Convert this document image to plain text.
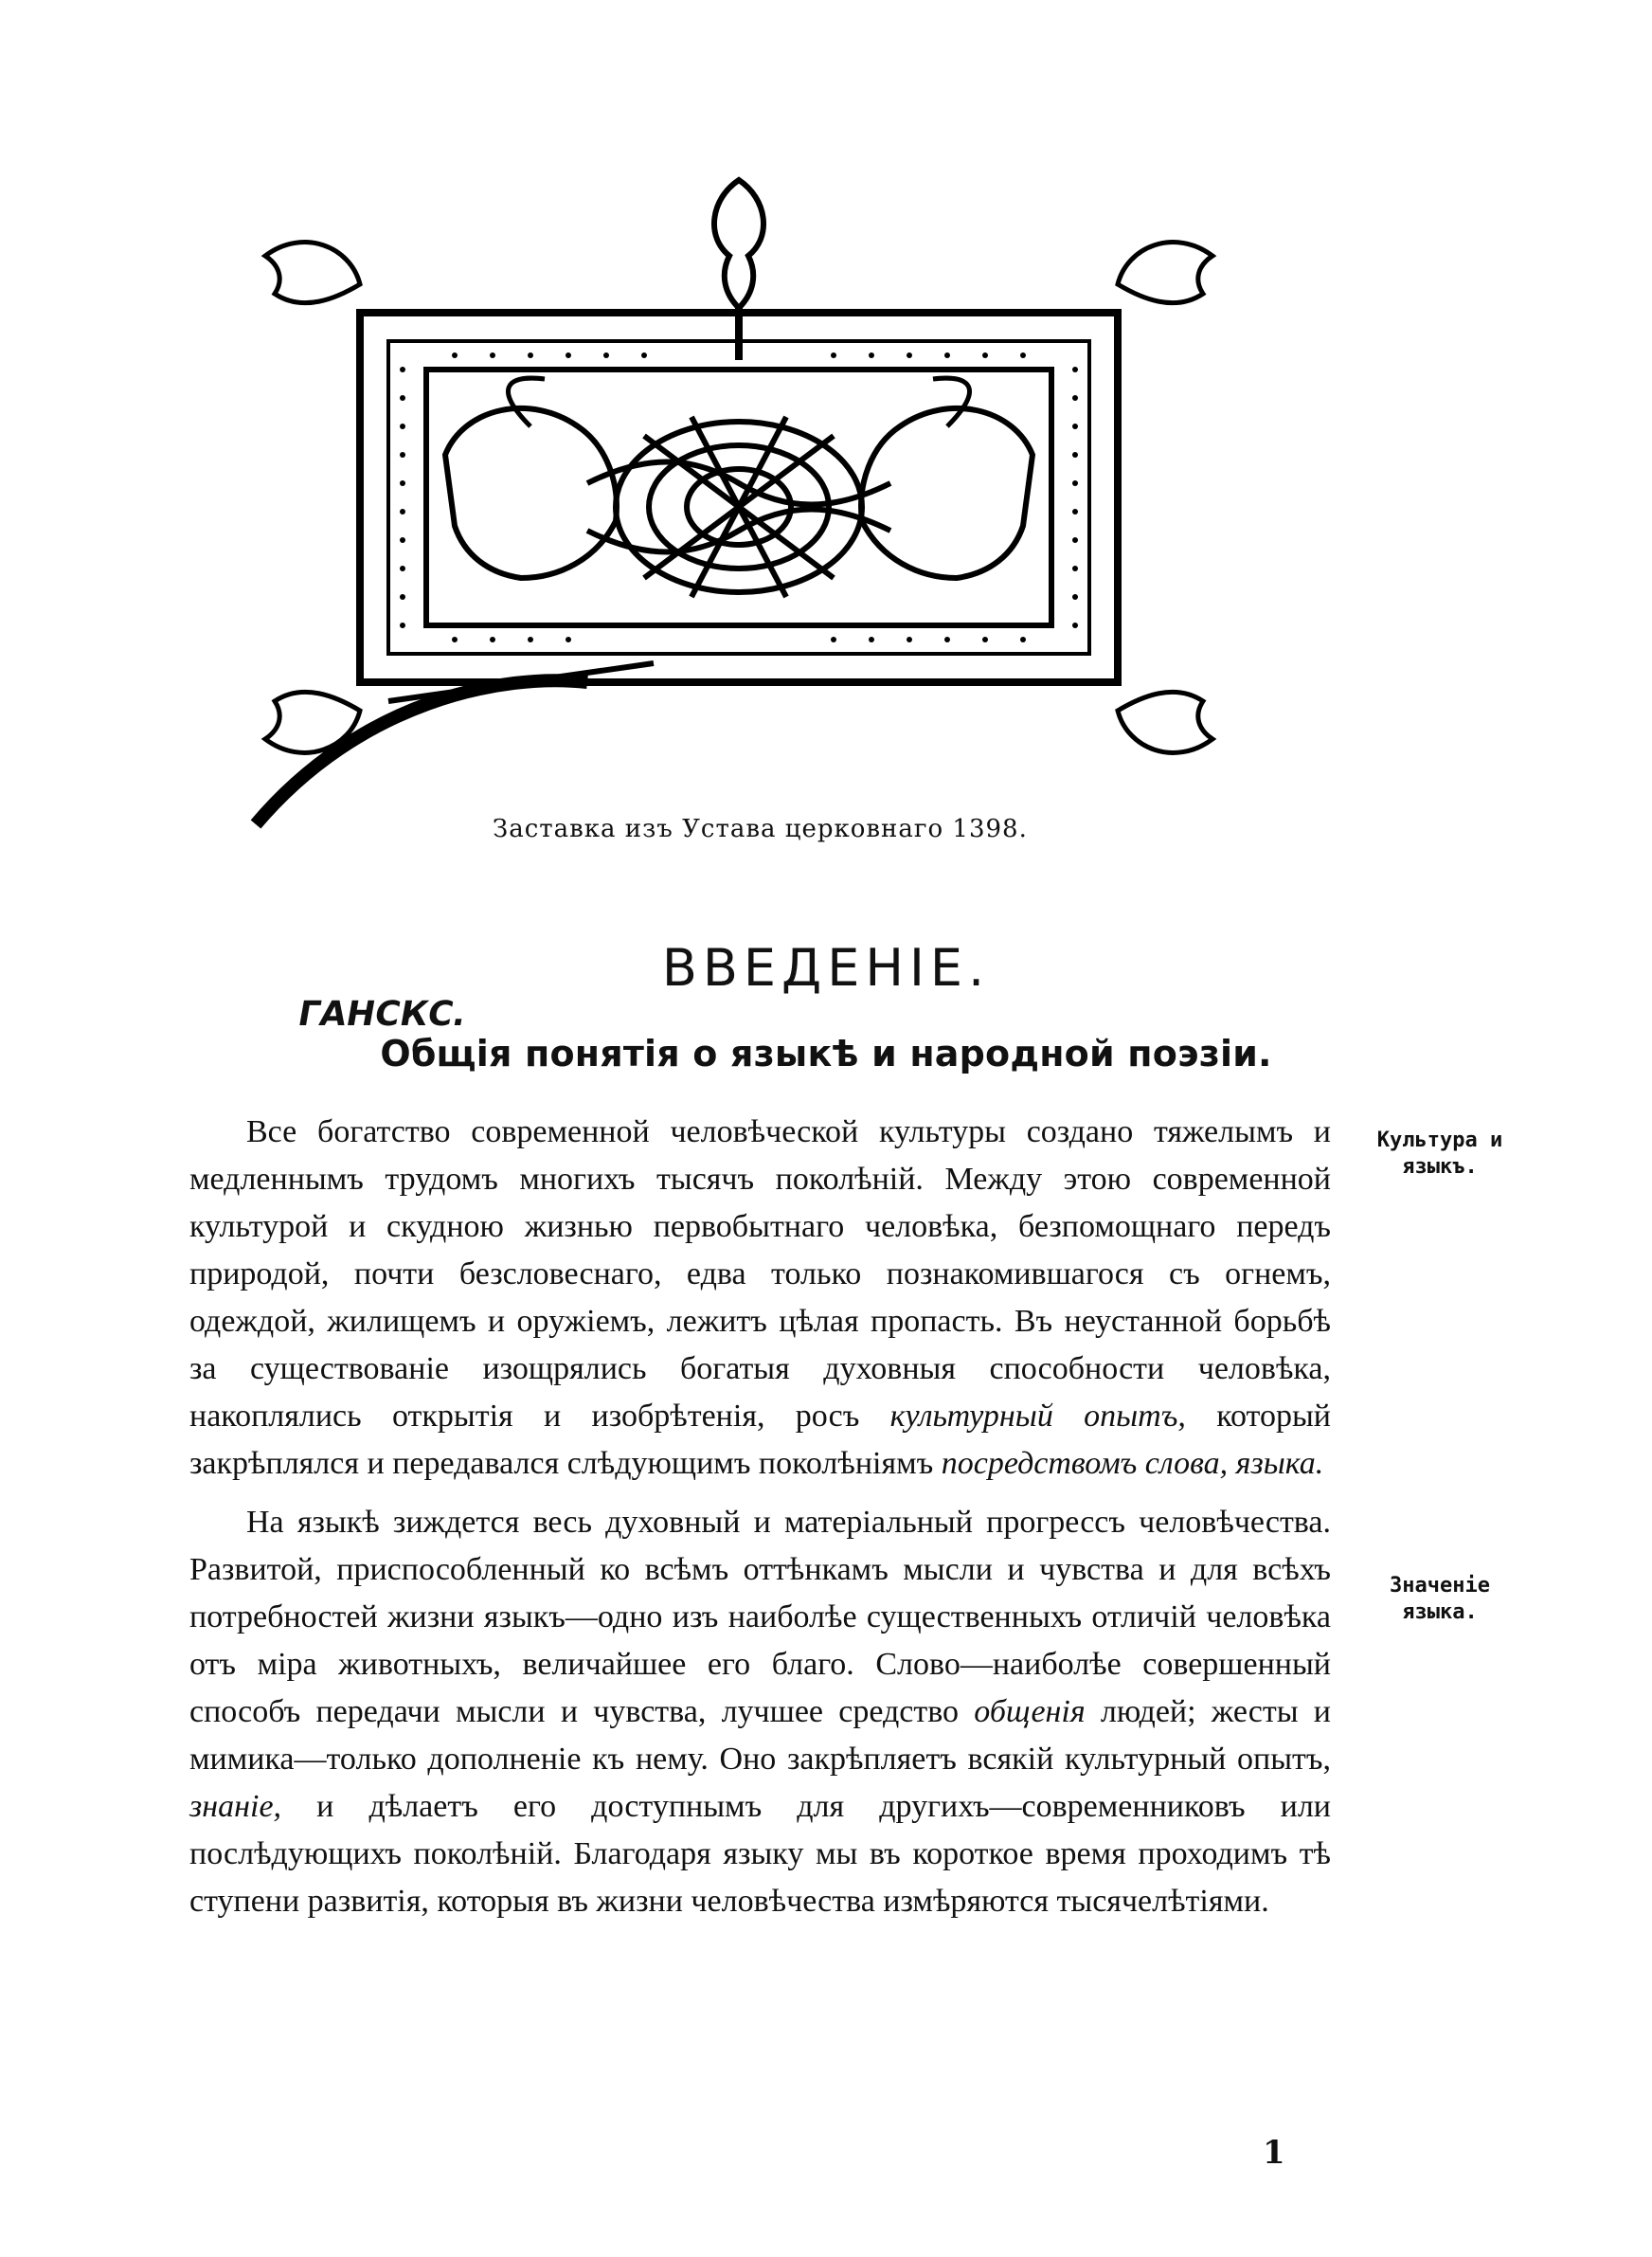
Заставка изъ Устава церковнаго 1398.
ГАНСКС.
ВВЕДЕНІЕ.
Общія понятія о языкѣ и народной поэзіи.

Все богатство современной человѣческой культуры создано тяжелымъ и медленнымъ трудомъ многихъ тысячъ поколѣній. Между этою современной культурой и скудною жизнью первобытнаго человѣка, безпомощнаго передъ природой, почти безсловеснаго, едва только познакомившагося съ огнемъ, одеждой, жилищемъ и оружіемъ, лежитъ цѣлая пропасть. Въ неустанной борьбѣ за существованіе изощрялись богатыя духовныя способности человѣка, накоплялись открытія и изобрѣтенія, росъ культурный опытъ, который закрѣплялся и передавался слѣдующимъ поколѣніямъ посредствомъ слова, языка.

На языкѣ зиждется весь духовный и матеріальный прогрессъ человѣчества. Развитой, приспособленный ко всѣмъ оттѣнкамъ мысли и чувства и для всѣхъ потребностей жизни языкъ—одно изъ наиболѣе существенныхъ отличій человѣка отъ міра животныхъ, величайшее его благо. Слово—наиболѣе совершенный способъ передачи мысли и чувства, лучшее средство общенія людей; жесты и мимика—только дополненіе къ нему. Оно закрѣпляетъ всякій культурный опытъ, знаніе, и дѣлаетъ его доступнымъ для другихъ—современниковъ или послѣдующихъ поколѣній. Благодаря языку мы въ короткое время проходимъ тѣ ступени развитія, которыя въ жизни человѣчества измѣряются тысячелѣтіями.

Культура и
языкъ.
Значеніе
языка.
1
